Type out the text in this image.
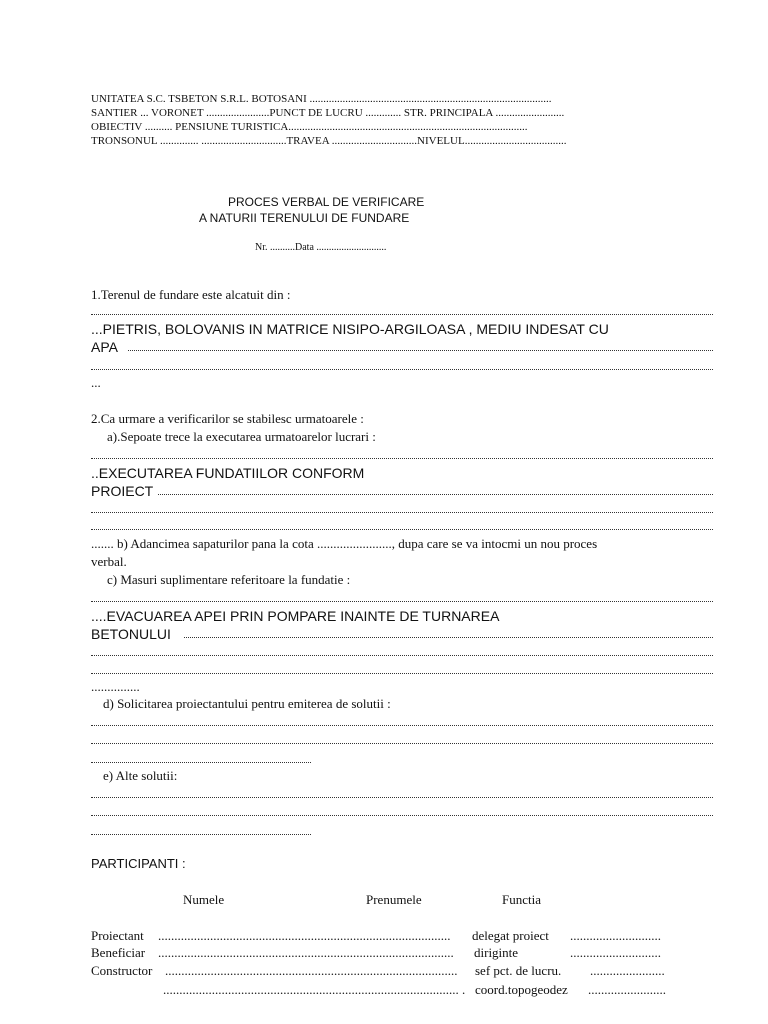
UNITATEA S.C. TSBETON S.R.L. BOTOSANI ........................................................................................
SANTIER ... VORONET .......................PUNCT DE LUCRU ............. STR. PRINCIPALA .........................
OBIECTIV .......... PENSIUNE TURISTICA.......................................................................................
TRONSONUL .............. ...............................TRAVEA ...............................NIVELUL.....................................
PROCES VERBAL DE VERIFICARE
A NATURII TERENULUI DE FUNDARE
Nr. ..........Data ............................
1.Terenul de fundare este alcatuit din :
...PIETRIS, BOLOVANIS IN MATRICE NISIPO-ARGILOASA , MEDIU INDESAT CU
APA
...
2.Ca urmare a verificarilor se stabilesc urmatoarele :
a).Sepoate trece la executarea urmatoarelor lucrari :
..EXECUTAREA FUNDATIILOR CONFORM
PROIECT
....... b) Adancimea sapaturilor pana la cota ......................., dupa care se va intocmi un nou proces
verbal.
c) Masuri suplimentare referitoare la fundatie :
....EVACUAREA APEI PRIN POMPARE INAINTE DE TURNAREA
BETONULUI
...............
d) Solicitarea proiectantului pentru emiterea de solutii :
e) Alte solutii:
PARTICIPANTI :
Numele	Prenumele	Functia
Proiectant .......................................................................................... delegat proiect ............................
Beneficiar ........................................................................................... diriginte	............................
Constructor .......................................................................................... sef pct. de lucru. .......................
........................................................................................... . coord.topogeodez ........................
